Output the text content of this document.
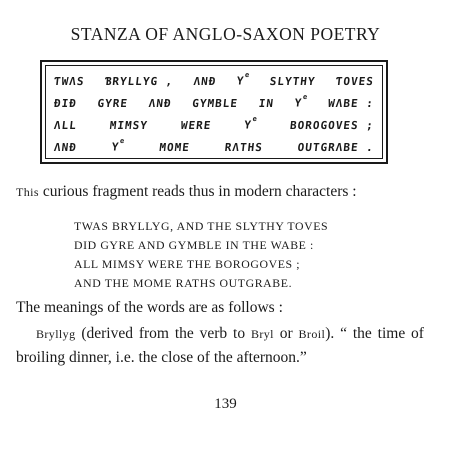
STANZA OF ANGLO-SAXON POETRY
ƬWΛS ƁRYLLYG , ΛΝĐ $Y^e$ SLYTHY ƬOVES
ÐIÐ GYRE ΛΝĐ GYMBLE IN $Y^e$ WΛBE :
ΛLL	MIMSY	WERE	$Y^e$	BOROGOVES ;
ΛΝĐ	$Y^e$	MOME	RΛTHS	OUTGRΛBE .
This curious fragment reads thus in modern characters :
TWAS BRYLLYG, AND THE SLYTHY TOVES
DID GYRE AND GYMBLE IN THE WABE :
ALL MIMSY WERE THE BOROGOVES ;
AND THE MOME RATHS OUTGRABE.
The meanings of the words are as follows :
Bryllyg (derived from the verb to Bryl or Broil). “ the time of broiling dinner, i.e. the close of the afternoon.”
139
